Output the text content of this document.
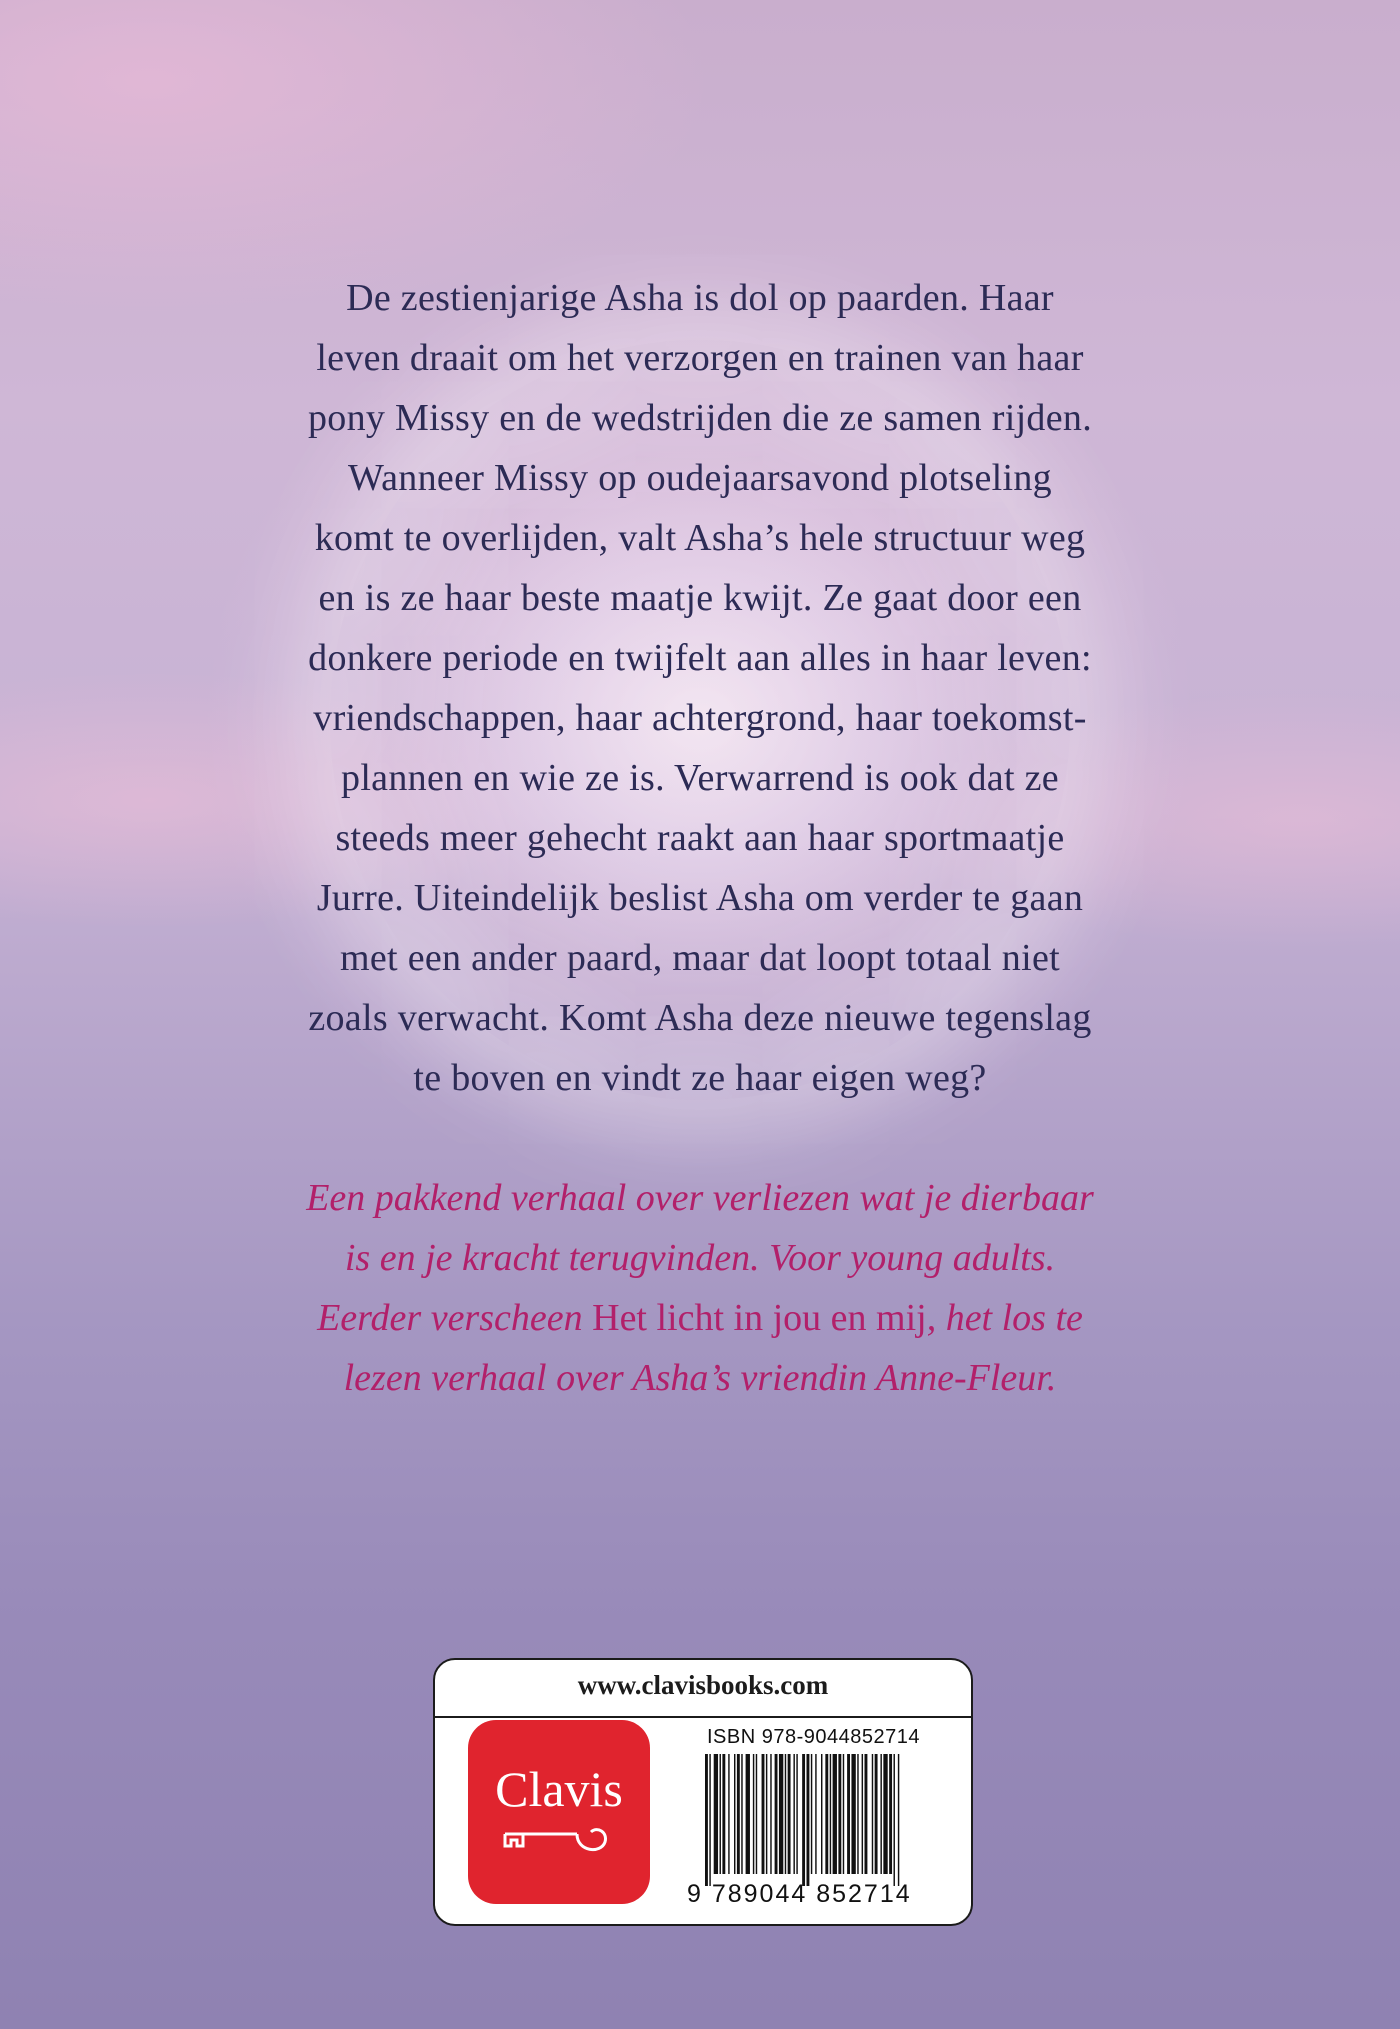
De zestienjarige Asha is dol op paarden. Haar
leven draait om het verzorgen en trainen van haar
pony Missy en de wedstrijden die ze samen rijden.
Wanneer Missy op oudejaarsavond plotseling
komt te overlijden, valt Asha’s hele structuur weg
en is ze haar beste maatje kwijt. Ze gaat door een
donkere periode en twijfelt aan alles in haar leven:
vriendschappen, haar achtergrond, haar toekomst-
plannen en wie ze is. Verwarrend is ook dat ze
steeds meer gehecht raakt aan haar sportmaatje
Jurre. Uiteindelijk beslist Asha om verder te gaan
met een ander paard, maar dat loopt totaal niet
zoals verwacht. Komt Asha deze nieuwe tegenslag
te boven en vindt ze haar eigen weg?
Een pakkend verhaal over verliezen wat je dierbaar
is en je kracht terugvinden. Voor young adults.
Eerder verscheen Het licht in jou en mij, het los te
lezen verhaal over Asha’s vriendin Anne-Fleur.
www.clavisbooks.com
Clavis
ISBN 978-9044852714
9 789044 852714
